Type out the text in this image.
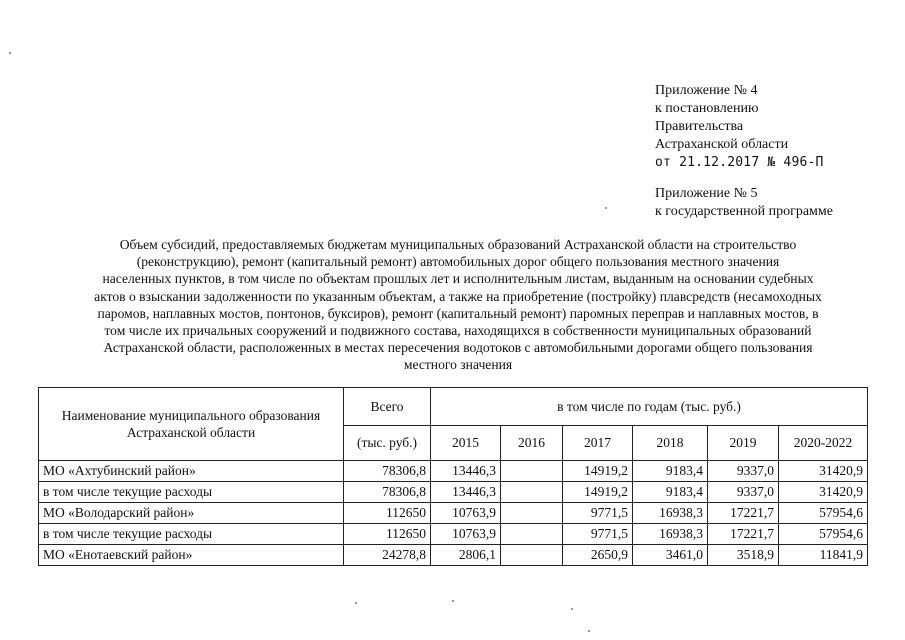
Приложение № 4
к постановлению
Правительства
Астраханской области
от 21.12.2017 № 496-П
Приложение № 5
к государственной программе
Объем субсидий, предоставляемых бюджетам муниципальных образований Астраханской области на строительство
(реконструкцию), ремонт (капитальный ремонт) автомобильных дорог общего пользования местного значения
населенных пунктов, в том числе по объектам прошлых лет и исполнительным листам, выданным на основании судебных
актов о взыскании задолженности по указанным объектам, а также на приобретение (постройку) плавсредств (несамоходных
паромов, наплавных мостов, понтонов, буксиров), ремонт (капитальный ремонт) паромных переправ и наплавных мостов, в
том числе их причальных сооружений и подвижного состава, находящихся в собственности муниципальных образований
Астраханской области, расположенных в местах пересечения водотоков с автомобильными дорогами общего пользования
местного значения
Наименование муниципального образования Астраханской области	Всего	в том числе по годам (тыс. руб.)					
	(тыс. руб.)	2015	2016	2017	2018	2019	2020-2022
МО «Ахтубинский район»	78306,8	13446,3		14919,2	9183,4	9337,0	31420,9
в том числе текущие расходы	78306,8	13446,3		14919,2	9183,4	9337,0	31420,9
МО «Володарский район»	112650	10763,9		9771,5	16938,3	17221,7	57954,6
в том числе текущие расходы	112650	10763,9		9771,5	16938,3	17221,7	57954,6
МО «Енотаевский район»	24278,8	2806,1		2650,9	3461,0	3518,9	11841,9
